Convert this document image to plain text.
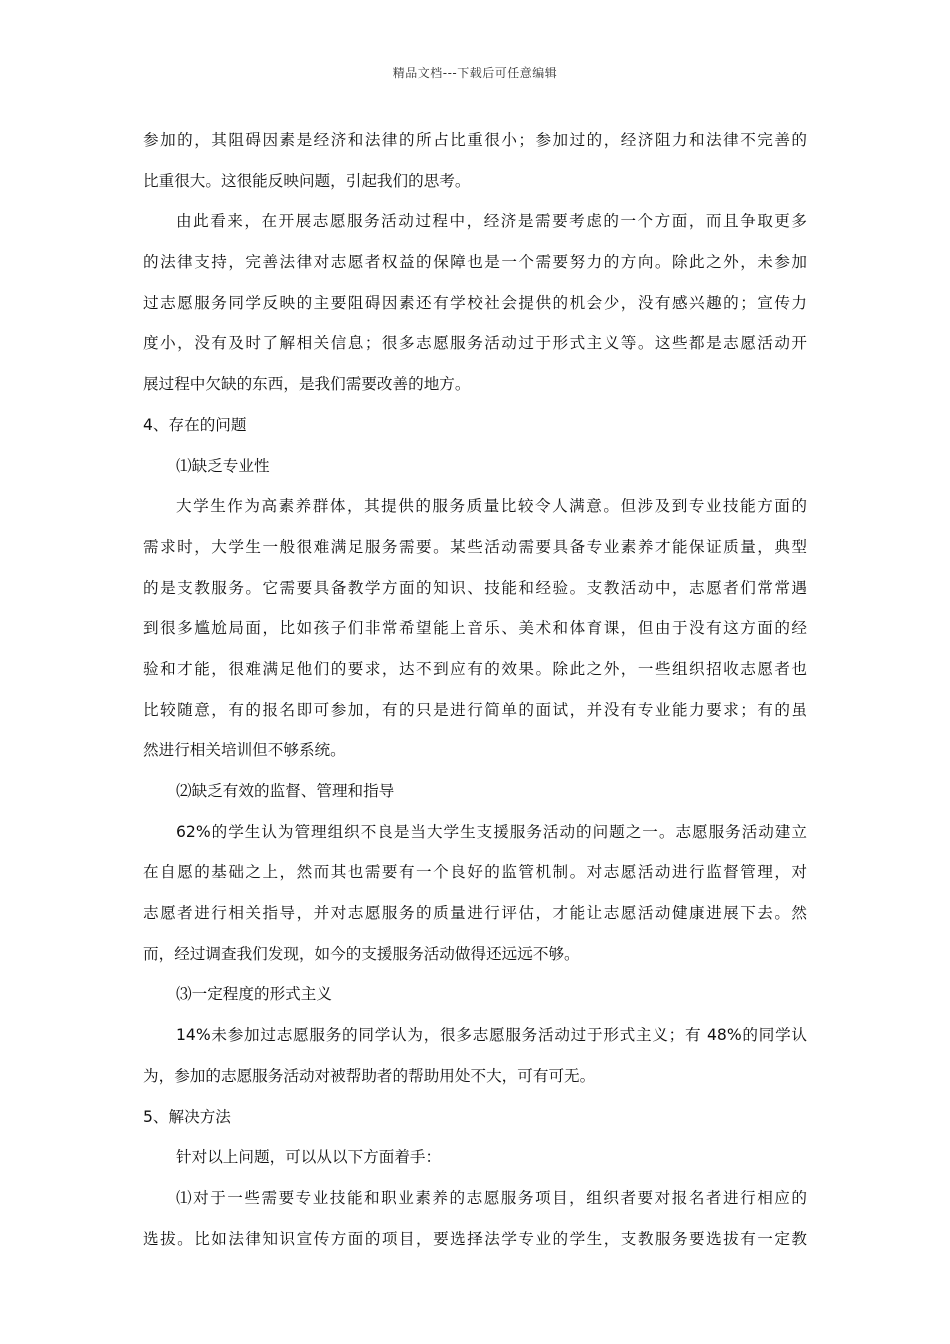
精品文档---下载后可任意编辑
参加的，其阻碍因素是经济和法律的所占比重很小；参加过的，经济阻力和法律不完善的
比重很大。这很能反映问题，引起我们的思考。
由此看来，在开展志愿服务活动过程中，经济是需要考虑的一个方面，而且争取更多
的法律支持，完善法律对志愿者权益的保障也是一个需要努力的方向。除此之外，未参加
过志愿服务同学反映的主要阻碍因素还有学校社会提供的机会少，没有感兴趣的；宣传力
度小，没有及时了解相关信息；很多志愿服务活动过于形式主义等。这些都是志愿活动开
展过程中欠缺的东西，是我们需要改善的地方。
4、存在的问题
⑴缺乏专业性
大学生作为高素养群体，其提供的服务质量比较令人满意。但涉及到专业技能方面的
需求时，大学生一般很难满足服务需要。某些活动需要具备专业素养才能保证质量，典型
的是支教服务。它需要具备教学方面的知识、技能和经验。支教活动中，志愿者们常常遇
到很多尴尬局面，比如孩子们非常希望能上音乐、美术和体育课，但由于没有这方面的经
验和才能，很难满足他们的要求，达不到应有的效果。除此之外，一些组织招收志愿者也
比较随意，有的报名即可参加，有的只是进行简单的面试，并没有专业能力要求；有的虽
然进行相关培训但不够系统。
⑵缺乏有效的监督、管理和指导
62%的学生认为管理组织不良是当大学生支援服务活动的问题之一。志愿服务活动建立
在自愿的基础之上，然而其也需要有一个良好的监管机制。对志愿活动进行监督管理，对
志愿者进行相关指导，并对志愿服务的质量进行评估，才能让志愿活动健康进展下去。然
而，经过调查我们发现，如今的支援服务活动做得还远远不够。
⑶一定程度的形式主义
14%未参加过志愿服务的同学认为，很多志愿服务活动过于形式主义；有 48%的同学认
为，参加的志愿服务活动对被帮助者的帮助用处不大，可有可无。
5、解决方法
针对以上问题，可以从以下方面着手：
⑴对于一些需要专业技能和职业素养的志愿服务项目，组织者要对报名者进行相应的
选拔。比如法律知识宣传方面的项目，要选择法学专业的学生，支教服务要选拔有一定教
